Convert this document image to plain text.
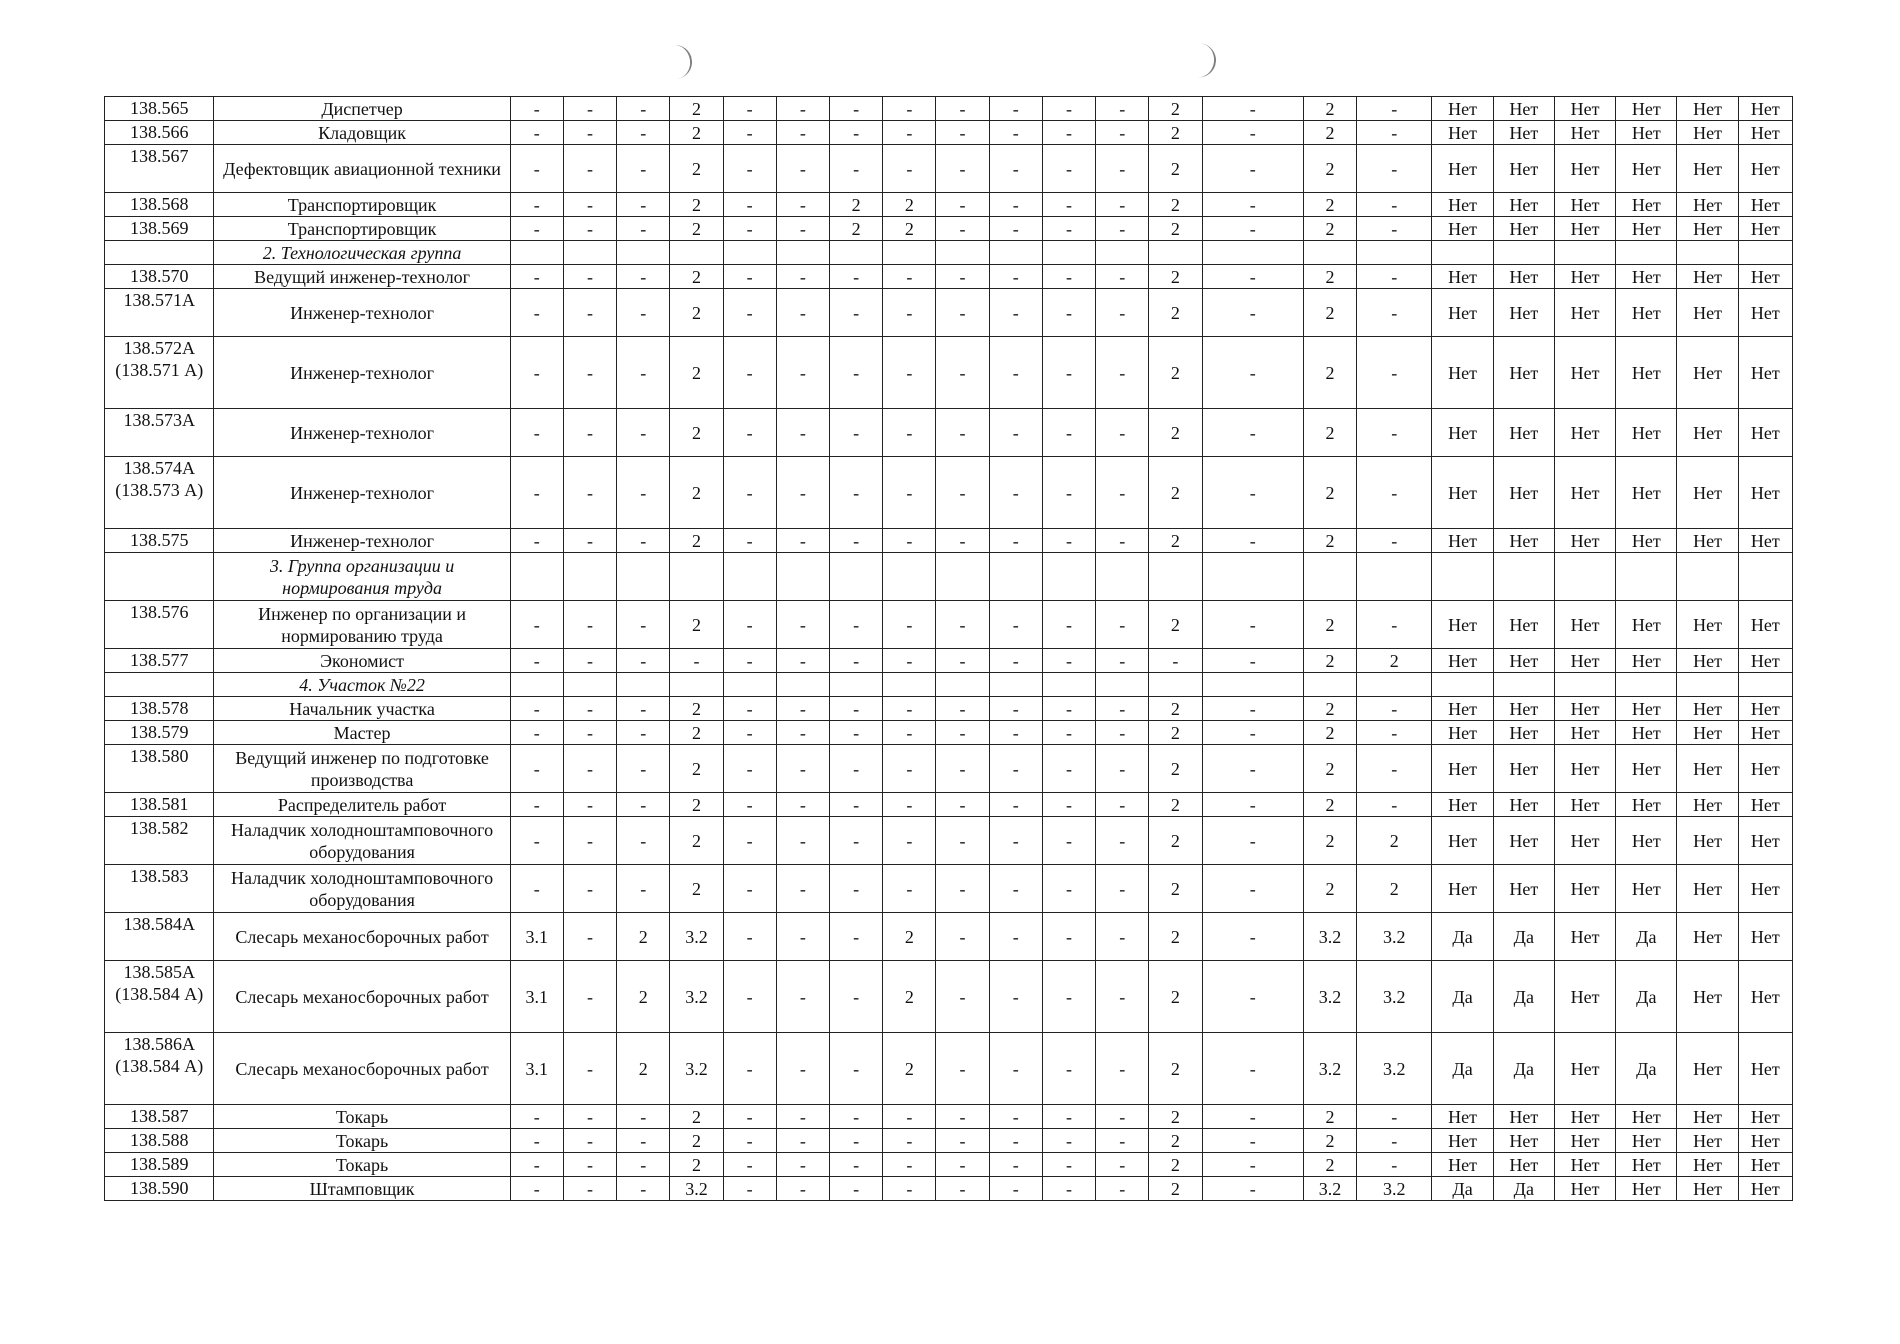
138.565	Диспетчер	-	-	-	2	-	-	-	-	-	-	-	-	2	-	2	-	Нет	Нет	Нет	Нет	Нет	Нет
138.566	Кладовщик	-	-	-	2	-	-	-	-	-	-	-	-	2	-	2	-	Нет	Нет	Нет	Нет	Нет	Нет
138.567	Дефектовщик авиационной техники	-	-	-	2	-	-	-	-	-	-	-	-	2	-	2	-	Нет	Нет	Нет	Нет	Нет	Нет
138.568	Транспортировщик	-	-	-	2	-	-	2	2	-	-	-	-	2	-	2	-	Нет	Нет	Нет	Нет	Нет	Нет
138.569	Транспортировщик	-	-	-	2	-	-	2	2	-	-	-	-	2	-	2	-	Нет	Нет	Нет	Нет	Нет	Нет
	2. Технологическая группа																						
138.570	Ведущий инженер-технолог	-	-	-	2	-	-	-	-	-	-	-	-	2	-	2	-	Нет	Нет	Нет	Нет	Нет	Нет
138.571А	Инженер-технолог	-	-	-	2	-	-	-	-	-	-	-	-	2	-	2	-	Нет	Нет	Нет	Нет	Нет	Нет
138.572А (138.571 А)	Инженер-технолог	-	-	-	2	-	-	-	-	-	-	-	-	2	-	2	-	Нет	Нет	Нет	Нет	Нет	Нет
138.573А	Инженер-технолог	-	-	-	2	-	-	-	-	-	-	-	-	2	-	2	-	Нет	Нет	Нет	Нет	Нет	Нет
138.574А (138.573 А)	Инженер-технолог	-	-	-	2	-	-	-	-	-	-	-	-	2	-	2	-	Нет	Нет	Нет	Нет	Нет	Нет
138.575	Инженер-технолог	-	-	-	2	-	-	-	-	-	-	-	-	2	-	2	-	Нет	Нет	Нет	Нет	Нет	Нет
	3. Группа организации и нормирования труда																						
138.576	Инженер по организации и нормированию труда	-	-	-	2	-	-	-	-	-	-	-	-	2	-	2	-	Нет	Нет	Нет	Нет	Нет	Нет
138.577	Экономист	-	-	-	-	-	-	-	-	-	-	-	-	-	-	2	2	Нет	Нет	Нет	Нет	Нет	Нет
	4. Участок №22																						
138.578	Начальник участка	-	-	-	2	-	-	-	-	-	-	-	-	2	-	2	-	Нет	Нет	Нет	Нет	Нет	Нет
138.579	Мастер	-	-	-	2	-	-	-	-	-	-	-	-	2	-	2	-	Нет	Нет	Нет	Нет	Нет	Нет
138.580	Ведущий инженер по подготовке производства	-	-	-	2	-	-	-	-	-	-	-	-	2	-	2	-	Нет	Нет	Нет	Нет	Нет	Нет
138.581	Распределитель работ	-	-	-	2	-	-	-	-	-	-	-	-	2	-	2	-	Нет	Нет	Нет	Нет	Нет	Нет
138.582	Наладчик холодноштамповочного оборудования	-	-	-	2	-	-	-	-	-	-	-	-	2	-	2	2	Нет	Нет	Нет	Нет	Нет	Нет
138.583	Наладчик холодноштамповочного оборудования	-	-	-	2	-	-	-	-	-	-	-	-	2	-	2	2	Нет	Нет	Нет	Нет	Нет	Нет
138.584А	Слесарь механосборочных работ	3.1	-	2	3.2	-	-	-	2	-	-	-	-	2	-	3.2	3.2	Да	Да	Нет	Да	Нет	Нет
138.585А (138.584 А)	Слесарь механосборочных работ	3.1	-	2	3.2	-	-	-	2	-	-	-	-	2	-	3.2	3.2	Да	Да	Нет	Да	Нет	Нет
138.586А (138.584 А)	Слесарь механосборочных работ	3.1	-	2	3.2	-	-	-	2	-	-	-	-	2	-	3.2	3.2	Да	Да	Нет	Да	Нет	Нет
138.587	Токарь	-	-	-	2	-	-	-	-	-	-	-	-	2	-	2	-	Нет	Нет	Нет	Нет	Нет	Нет
138.588	Токарь	-	-	-	2	-	-	-	-	-	-	-	-	2	-	2	-	Нет	Нет	Нет	Нет	Нет	Нет
138.589	Токарь	-	-	-	2	-	-	-	-	-	-	-	-	2	-	2	-	Нет	Нет	Нет	Нет	Нет	Нет
138.590	Штамповщик	-	-	-	3.2	-	-	-	-	-	-	-	-	2	-	3.2	3.2	Да	Да	Нет	Нет	Нет	Нет
